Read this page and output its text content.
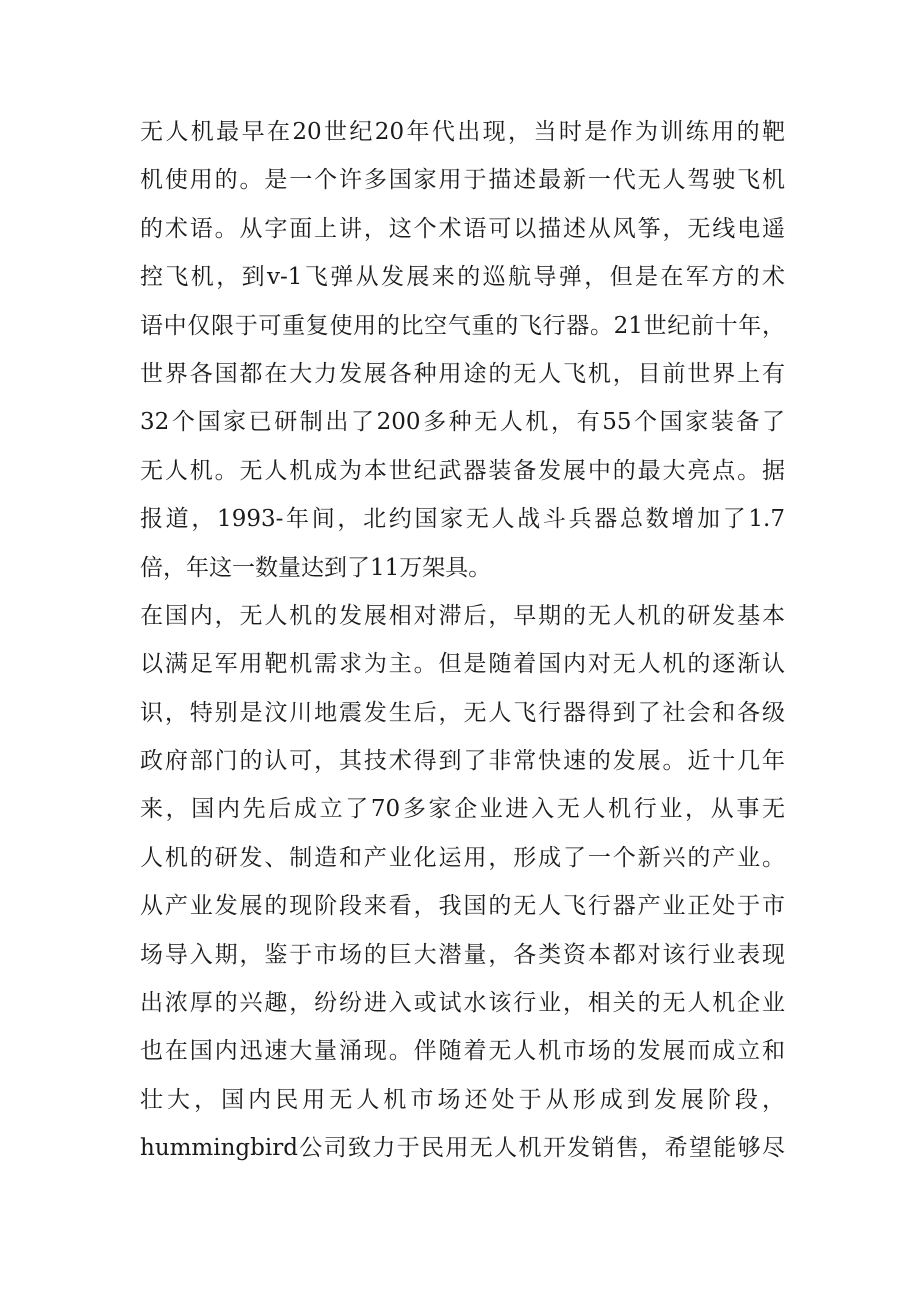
无人机最早在20世纪20年代出现，当时是作为训练用的靶
机使用的。是一个许多国家用于描述最新一代无人驾驶飞机
的术语。从字面上讲，这个术语可以描述从风筝，无线电遥
控飞机，到v-1飞弹从发展来的巡航导弹，但是在军方的术
语中仅限于可重复使用的比空气重的飞行器。21世纪前十年，
世界各国都在大力发展各种用途的无人飞机，目前世界上有
32个国家已研制出了200多种无人机，有55个国家装备了
无人机。无人机成为本世纪武器装备发展中的最大亮点。据
报道，1993-年间，北约国家无人战斗兵器总数增加了1.7
倍，年这一数量达到了11万架具。
在国内，无人机的发展相对滞后，早期的无人机的研发基本
以满足军用靶机需求为主。但是随着国内对无人机的逐渐认
识，特别是汶川地震发生后，无人飞行器得到了社会和各级
政府部门的认可，其技术得到了非常快速的发展。近十几年
来，国内先后成立了70多家企业进入无人机行业，从事无
人机的研发、制造和产业化运用，形成了一个新兴的产业。
从产业发展的现阶段来看，我国的无人飞行器产业正处于市
场导入期，鉴于市场的巨大潜量，各类资本都对该行业表现
出浓厚的兴趣，纷纷进入或试水该行业，相关的无人机企业
也在国内迅速大量涌现。伴随着无人机市场的发展而成立和
壮大，国内民用无人机市场还处于从形成到发展阶段，
hummingbird公司致力于民用无人机开发销售，希望能够尽
